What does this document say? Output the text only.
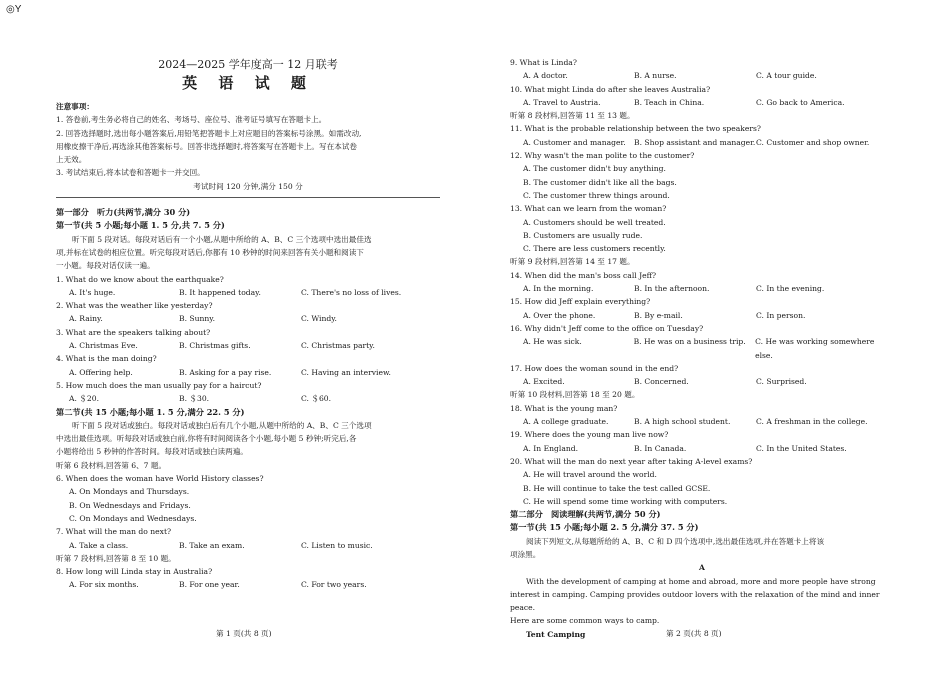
◎Y
2024—2025 学年度高一 12 月联考
英 语 试 题
注意事项：
1. 答卷前,考生务必将自己的姓名、考场号、座位号、准考证号填写在答题卡上。
2. 回答选择题时,选出每小题答案后,用铅笔把答题卡上对应题目的答案标号涂黑。如需改动,
用橡皮擦干净后,再选涂其他答案标号。回答非选择题时,将答案写在答题卡上。写在本试卷
上无效。
3. 考试结束后,将本试卷和答题卡一并交回。
考试时间 120 分钟,满分 150 分
第一部分　听力(共两节,满分 30 分)
第一节(共 5 小题;每小题 1. 5 分,共 7. 5 分)
听下面 5 段对话。每段对话后有一个小题,从题中所给的 A、B、C 三个选项中选出最佳选
项,并标在试卷的相应位置。听完每段对话后,你都有 10 秒钟的时间来回答有关小题和阅读下
一小题。每段对话仅读一遍。
1. What do we know about the earthquake?
A. It's huge.	B. It happened today.	C. There's no loss of lives.
2. What was the weather like yesterday?
A. Rainy.	B. Sunny.	C. Windy.
3. What are the speakers talking about?
A. Christmas Eve.	B. Christmas gifts.	C. Christmas party.
4. What is the man doing?
A. Offering help.	B. Asking for a pay rise.	C. Having an interview.
5. How much does the man usually pay for a haircut?
A. ＄20.	B. ＄30.	C. ＄60.
第二节(共 15 小题;每小题 1. 5 分,满分 22. 5 分)
听下面 5 段对话或独白。每段对话或独白后有几个小题,从题中所给的 A、B、C 三个选项
中选出最佳选项。听每段对话或独白前,你将有时间阅读各个小题,每小题 5 秒钟;听完后,各
小题将给出 5 秒钟的作答时间。每段对话或独白读两遍。
听第 6 段材料,回答第 6、7 题。
6. When does the woman have World History classes?
A. On Mondays and Thursdays.
B. On Wednesdays and Fridays.
C. On Mondays and Wednesdays.
7. What will the man do next?
A. Take a class.	B. Take an exam.	C. Listen to music.
听第 7 段材料,回答第 8 至 10 题。
8. How long will Linda stay in Australia?
A. For six months.	B. For one year.	C. For two years.
9. What is Linda?
A. A doctor.	B. A nurse.	C. A tour guide.
10. What might Linda do after she leaves Australia?
A. Travel to Austria.	B. Teach in China.	C. Go back to America.
听第 8 段材料,回答第 11 至 13 题。
11. What is the probable relationship between the two speakers?
A. Customer and manager.	B. Shop assistant and manager. C. Customer and shop owner.
12. Why wasn't the man polite to the customer?
A. The customer didn't buy anything.
B. The customer didn't like all the bags.
C. The customer threw things around.
13. What can we learn from the woman?
A. Customers should be well treated.
B. Customers are usually rude.
C. There are less customers recently.
听第 9 段材料,回答第 14 至 17 题。
14. When did the man's boss call Jeff?
A. In the morning.	B. In the afternoon.	C. In the evening.
15. How did Jeff explain everything?
A. Over the phone.	B. By e-mail.	C. In person.
16. Why didn't Jeff come to the office on Tuesday?
A. He was sick.	B. He was on a business trip.	C. He was working somewhere else.
17. How does the woman sound in the end?
A. Excited.	B. Concerned.	C. Surprised.
听第 10 段材料,回答第 18 至 20 题。
18. What is the young man?
A. A college graduate.	B. A high school student.	C. A freshman in the college.
19. Where does the young man live now?
A. In England.	B. In Canada.	C. In the United States.
20. What will the man do next year after taking A-level exams?
A. He will travel around the world.
B. He will continue to take the test called GCSE.
C. He will spend some time working with computers.
第二部分　阅读理解(共两节,满分 50 分)
第一节(共 15 小题;每小题 2. 5 分,满分 37. 5 分)
阅读下列短文,从每题所给的 A、B、C 和 D 四个选项中,选出最佳选项,并在答题卡上将该
项涂黑。
A
With the development of camping at home and abroad, more and more people have strong
interest in camping. Camping provides outdoor lovers with the relaxation of the mind and inner peace.
Here are some common ways to camp.
Tent Camping
第 1 页(共 8 页)	第 2 页(共 8 页)
